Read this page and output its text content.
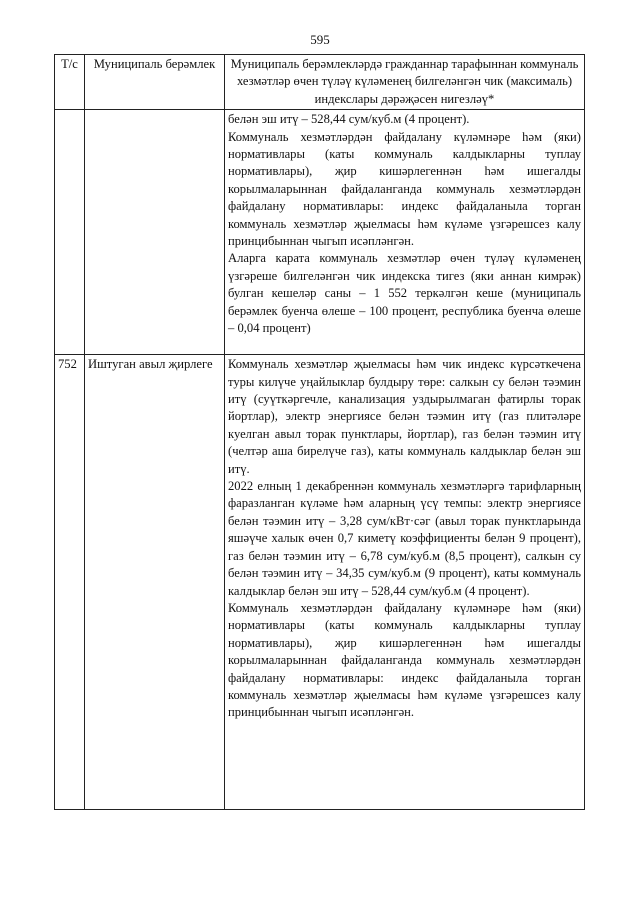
595
Т/с	Муниципаль берәмлек	Муниципаль берәмлекләрдә гражданнар тарафыннан коммуналь хезмәтләр өчен түләү күләменең билгеләнгән чик (максималь) индекслары дәрәҗәсен нигезләү*

		белән эш итү – 528,44 сум/куб.м (4 процент).
Коммуналь хезмәтләрдән файдалану күләмнәре һәм (яки) нормативлары (каты коммуналь калдыкларны туплау нормативлары), җир кишәрлегеннән һәм ишегалды корылмаларыннан файдаланганда коммуналь хезмәтләрдән файдалану нормативлары: индекс файдаланыла торган коммуналь хезмәтләр җыелмасы һәм күләме үзгәрешсез калу принцибыннан чыгып исәпләнгән.
Аларга карата коммуналь хезмәтләр өчен түләү күләменең үзгәреше билгеләнгән чик индекска тигез (яки аннан кимрәк) булган кешеләр саны – 1 552 теркәлгән кеше (муниципаль берәмлек буенча өлеше – 100 процент, республика буенча өлеше – 0,04 процент)

752	Иштуган авыл җирлеге	Коммуналь хезмәтләр җыелмасы һәм чик индекс күрсәткечена туры килүче уңайлыклар булдыру төре: салкын су белән тәэмин итү (суүткәргечле, канализация уздырылмаган фатирлы торак йортлар), электр энергиясе белән тәэмин итү (газ плитәләре куелган авыл торак пунктлары, йортлар), газ белән тәэмин итү (челтәр аша бирелүче газ), каты коммуналь калдыклар белән эш итү.
2022 елның 1 декабреннән коммуналь хезмәтләргә тарифларның фаразланган күләме һәм аларның үсү темпы: электр энергиясе белән тәэмин итү – 3,28 сум/кВт·сәг (авыл торак пунктларында яшәүче халык өчен 0,7 киметү коэффициенты белән 9 процент), газ белән тәэмин итү – 6,78 сум/куб.м (8,5 процент), салкын су белән тәэмин итү – 34,35 сум/куб.м (9 процент), каты коммуналь калдыклар белән эш итү – 528,44 сум/куб.м (4 процент).
Коммуналь хезмәтләрдән файдалану күләмнәре һәм (яки) нормативлары (каты коммуналь калдыкларны туплау нормативлары), җир кишәрлегеннән һәм ишегалды корылмаларыннан файдаланганда коммуналь хезмәтләрдән файдалану нормативлары: индекс файдаланыла торган коммуналь хезмәтләр җыелмасы һәм күләме үзгәрешсез калу принцибыннан чыгып исәпләнгән.
